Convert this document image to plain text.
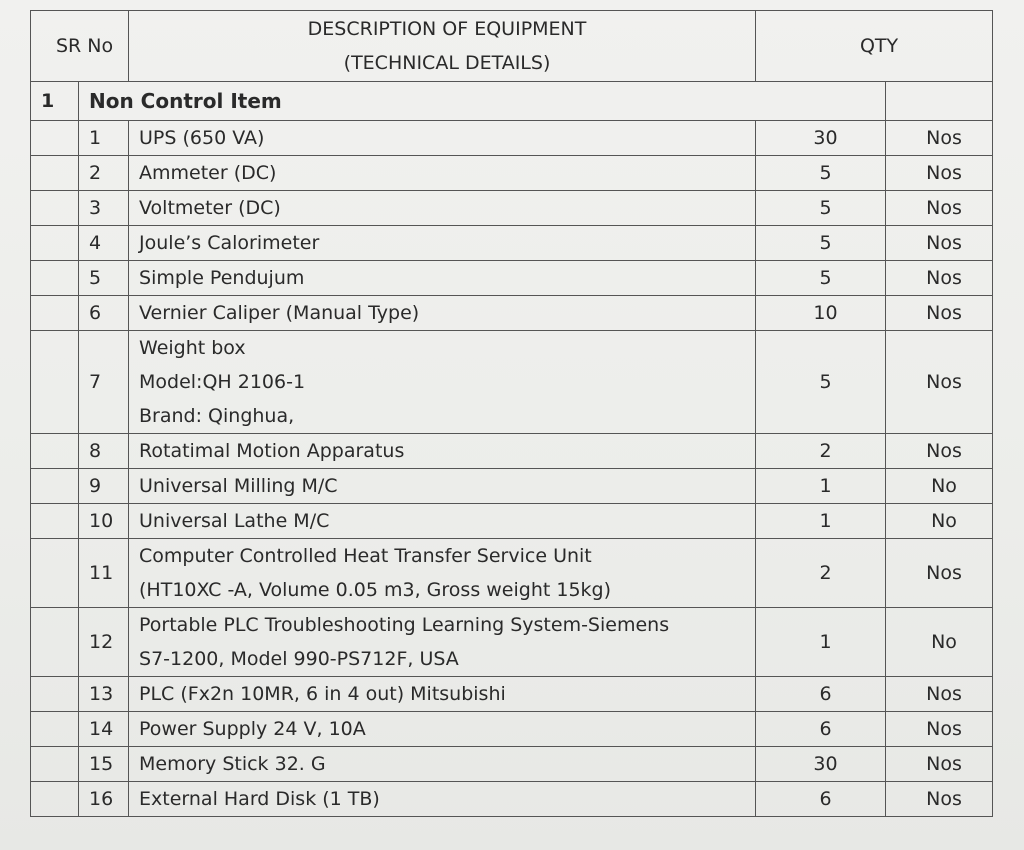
SR No		DESCRIPTION OF EQUIPMENT
(TECHNICAL DETAILS)	QTY	
1	Non Control Item			
	1	UPS (650 VA)	30	Nos
	2	Ammeter (DC)	5	Nos
	3	Voltmeter (DC)	5	Nos
	4	Joule’s Calorimeter	5	Nos
	5	Simple Pendujum	5	Nos
	6	Vernier Caliper (Manual Type)	10	Nos
	7	Weight box
Model:QH 2106-1
Brand: Qinghua,	5	Nos
	8	Rotatimal Motion Apparatus	2	Nos
	9	Universal Milling M/C	1	No
	10	Universal Lathe M/C	1	No
	11	Computer Controlled Heat Transfer Service Unit
(HT10XC -A, Volume 0.05 m3, Gross weight 15kg)	2	Nos
	12	Portable PLC Troubleshooting Learning System-Siemens
S7-1200, Model 990-PS712F, USA	1	No
	13	PLC (Fx2n 10MR, 6 in 4 out) Mitsubishi	6	Nos
	14	Power Supply 24 V, 10A	6	Nos
	15	Memory Stick 32. G	30	Nos
	16	External Hard Disk (1 TB)	6	Nos
